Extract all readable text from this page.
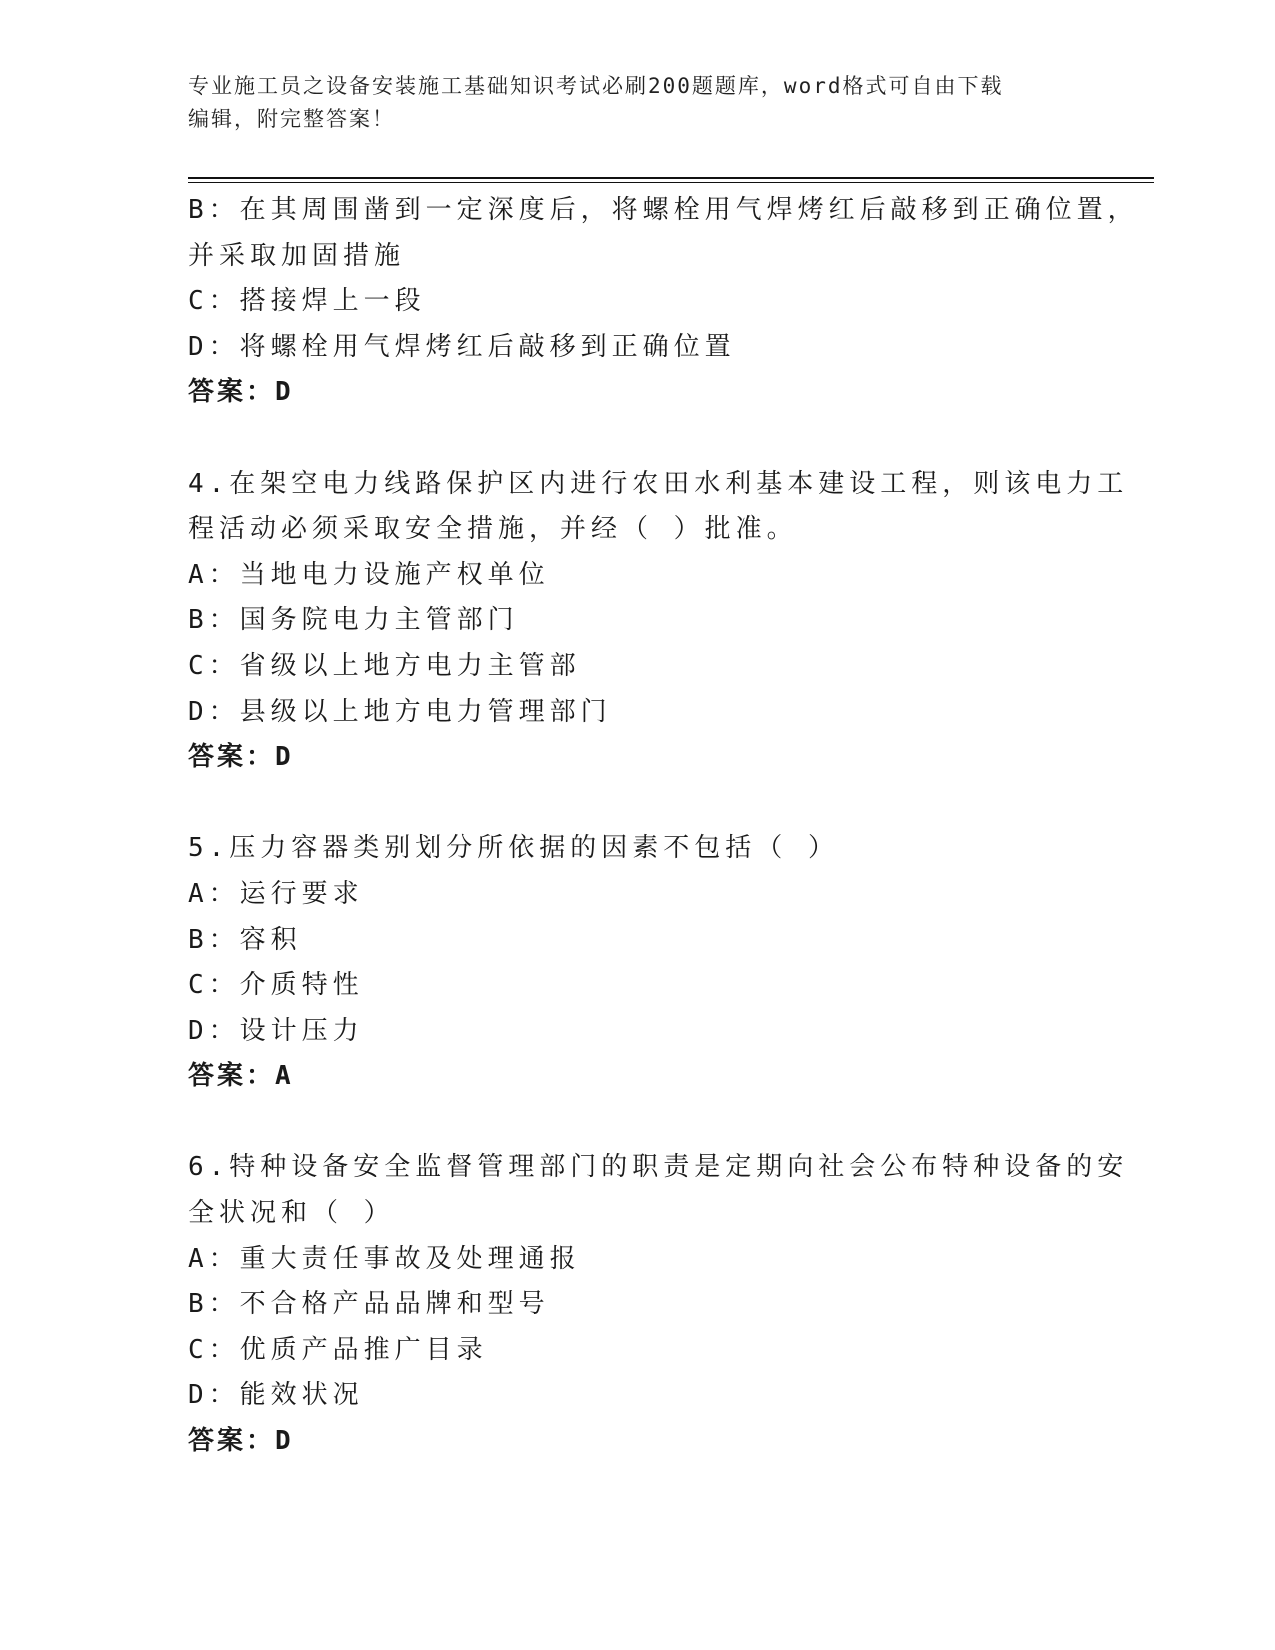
专业施工员之设备安装施工基础知识考试必刷200题题库，word格式可自由下载
编辑，附完整答案！
B：在其周围凿到一定深度后，将螺栓用气焊烤红后敲移到正确位置，
并采取加固措施
C：搭接焊上一段
D：将螺栓用气焊烤红后敲移到正确位置
答案：D
4.在架空电力线路保护区内进行农田水利基本建设工程，则该电力工
程活动必须采取安全措施，并经（ ）批准。
A：当地电力设施产权单位
B：国务院电力主管部门
C：省级以上地方电力主管部
D：县级以上地方电力管理部门
答案：D
5.压力容器类别划分所依据的因素不包括（ ）
A：运行要求
B：容积
C：介质特性
D：设计压力
答案：A
6.特种设备安全监督管理部门的职责是定期向社会公布特种设备的安
全状况和（ ）
A：重大责任事故及处理通报
B：不合格产品品牌和型号
C：优质产品推广目录
D：能效状况
答案：D
